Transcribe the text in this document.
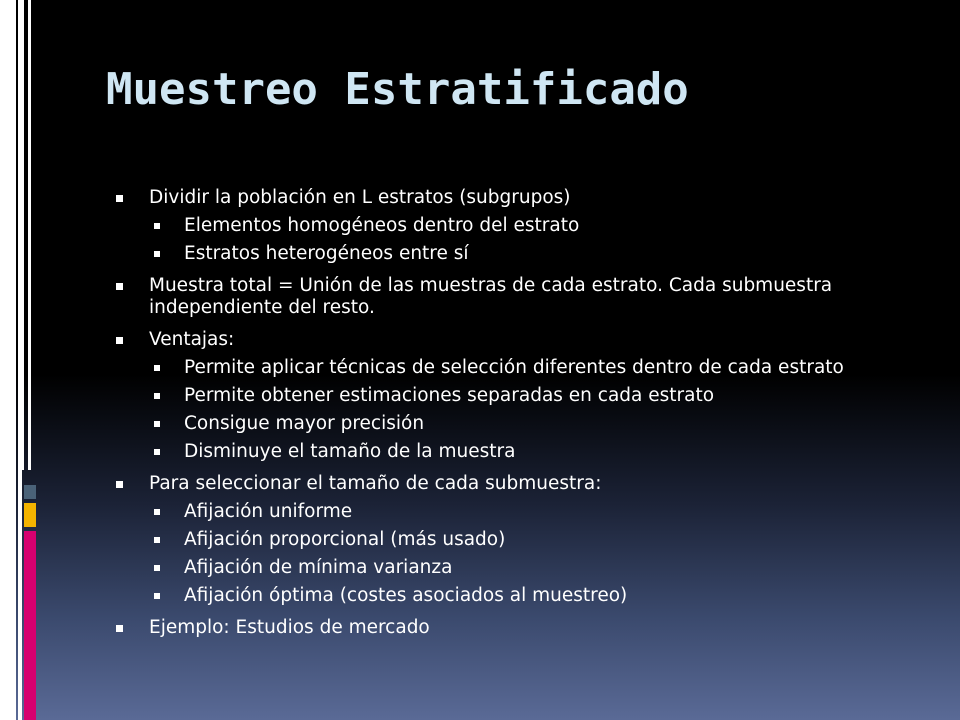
Muestreo Estratificado
Dividir la población en L estratos (subgrupos)
Elementos homogéneos dentro del estrato
Estratos heterogéneos entre sí
Muestra total = Unión de las muestras de cada estrato. Cada submuestra independiente del resto.
Ventajas:
Permite aplicar técnicas de selección diferentes dentro de cada estrato
Permite obtener estimaciones separadas en cada estrato
Consigue mayor precisión
Disminuye el tamaño de la muestra
Para seleccionar el tamaño de cada submuestra:
Afijación uniforme
Afijación proporcional (más usado)
Afijación de mínima varianza
Afijación óptima (costes asociados al muestreo)
Ejemplo: Estudios de mercado
